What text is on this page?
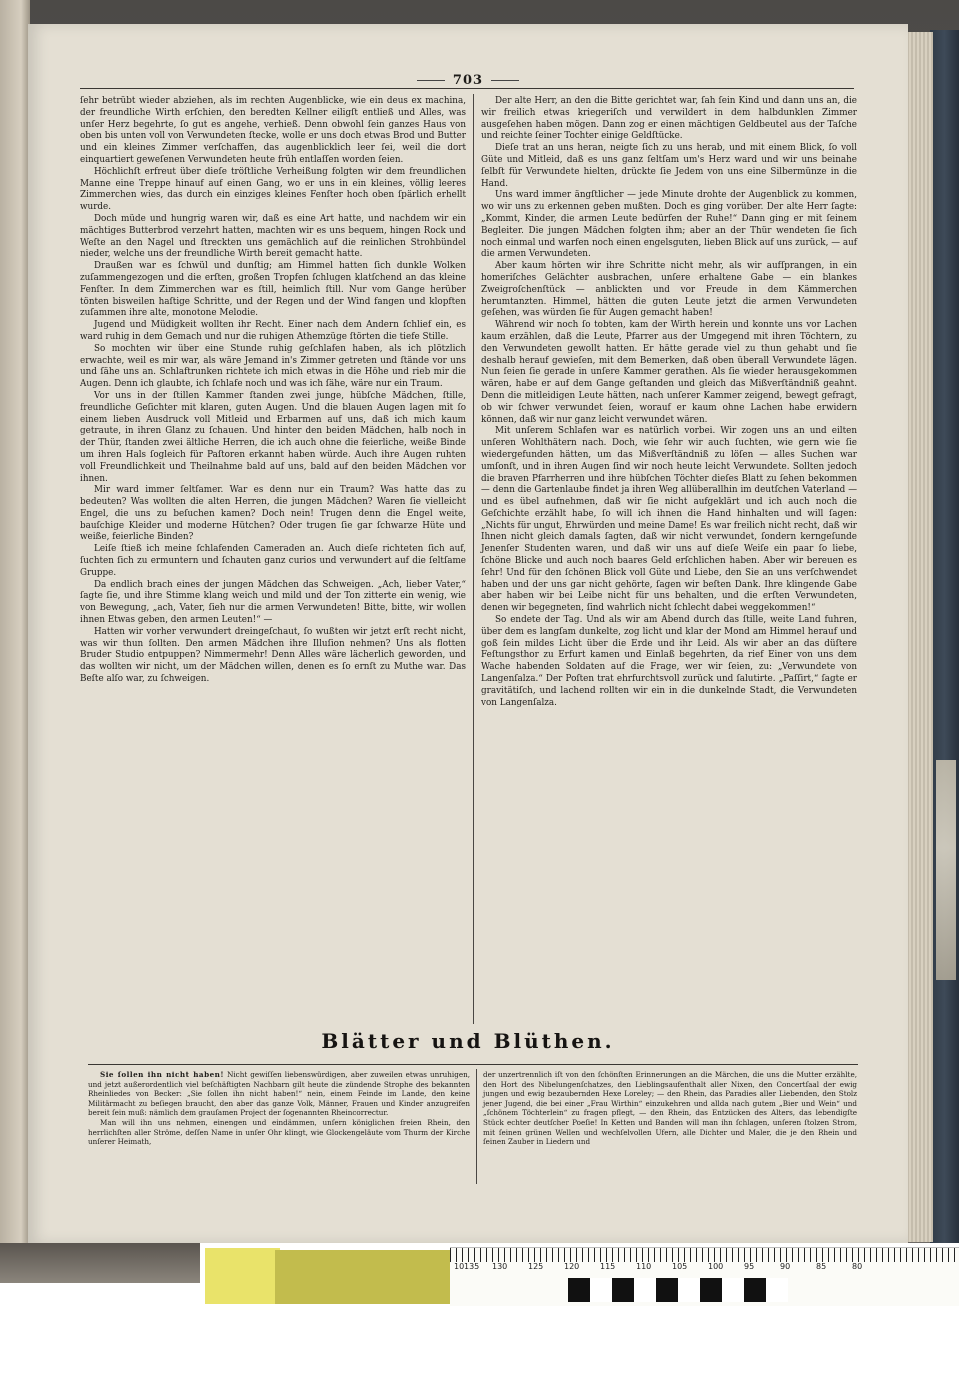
703

ſehr betrübt wieder abziehen, als im rechten Augenblicke, wie ein deus ex machina, der freundliche Wirth erſchien, den beredten Kellner eiligſt entließ und Alles, was unſer Herz begehrte, ſo gut es angehe, verhieß. Denn obwohl ſein ganzes Haus von oben bis unten voll von Verwundeten ſtecke, wolle er uns doch etwas Brod und Butter und ein kleines Zimmer verſchaffen, das augenblicklich leer ſei, weil die dort einquartiert geweſenen Verwundeten heute früh entlaſſen worden ſeien.

Höchlichſt erfreut über dieſe tröſtliche Verheißung folgten wir dem freundlichen Manne eine Treppe hinauf auf einen Gang, wo er uns in ein kleines, völlig leeres Zimmerchen wies, das durch ein einziges kleines Fenſter hoch oben ſpärlich erhellt wurde.

Doch müde und hungrig waren wir, daß es eine Art hatte, und nachdem wir ein mächtiges Butterbrod verzehrt hatten, machten wir es uns bequem, hingen Rock und Weſte an den Nagel und ſtreckten uns gemächlich auf die reinlichen Strohbündel nieder, welche uns der freundliche Wirth bereit gemacht hatte.

Draußen war es ſchwül und dunſtig; am Himmel hatten ſich dunkle Wolken zuſammengezogen und die erſten, großen Tropfen ſchlugen klatſchend an das kleine Fenſter. In dem Zimmerchen war es ſtill, heimlich ſtill. Nur vom Gange herüber tönten bisweilen haſtige Schritte, und der Regen und der Wind fangen und klopften zuſammen ihre alte, monotone Melodie.

Jugend und Müdigkeit wollten ihr Recht. Einer nach dem Andern ſchlief ein, es ward ruhig in dem Gemach und nur die ruhigen Athemzüge ſtörten die tiefe Stille.

So mochten wir über eine Stunde ruhig geſchlafen haben, als ich plötzlich erwachte, weil es mir war, als wäre Jemand in's Zimmer getreten und ſtände vor uns und ſähe uns an. Schlaftrunken richtete ich mich etwas in die Höhe und rieb mir die Augen. Denn ich glaubte, ich ſchlafe noch und was ich ſähe, wäre nur ein Traum.

Vor uns in der ſtillen Kammer ſtanden zwei junge, hübſche Mädchen, ſtille, freundliche Geſichter mit klaren, guten Augen. Und die blauen Augen lagen mit ſo einem lieben Ausdruck voll Mitleid und Erbarmen auf uns, daß ich mich kaum getraute, in ihren Glanz zu ſchauen. Und hinter den beiden Mädchen, halb noch in der Thür, ſtanden zwei ältliche Herren, die ich auch ohne die feierliche, weiße Binde um ihren Hals ſogleich für Paſtoren erkannt haben würde. Auch ihre Augen ruhten voll Freundlichkeit und Theilnahme bald auf uns, bald auf den beiden Mädchen vor ihnen.

Mir ward immer ſeltſamer. War es denn nur ein Traum? Was hatte das zu bedeuten? Was wollten die alten Herren, die jungen Mädchen? Waren ſie vielleicht Engel, die uns zu beſuchen kamen? Doch nein! Trugen denn die Engel weite, bauſchige Kleider und moderne Hütchen? Oder trugen ſie gar ſchwarze Hüte und weiße, feierliche Binden?

Leiſe ſtieß ich meine ſchlafenden Cameraden an. Auch dieſe richteten ſich auf, ſuchten ſich zu ermuntern und ſchauten ganz curios und verwundert auf die ſeltſame Gruppe.

Da endlich brach eines der jungen Mädchen das Schweigen. „Ach, lieber Vater,“ ſagte ſie, und ihre Stimme klang weich und mild und der Ton zitterte ein wenig, wie von Bewegung, „ach, Vater, ſieh nur die armen Verwundeten! Bitte, bitte, wir wollen ihnen Etwas geben, den armen Leuten!“ —

Hatten wir vorher verwundert dreingeſchaut, ſo wußten wir jetzt erſt recht nicht, was wir thun ſollten. Den armen Mädchen ihre Illuſion nehmen? Uns als flotten Bruder Studio entpuppen? Nimmermehr! Denn Alles wäre lächerlich geworden, und das wollten wir nicht, um der Mädchen willen, denen es ſo ernſt zu Muthe war. Das Beſte alſo war, zu ſchweigen.

Der alte Herr, an den die Bitte gerichtet war, ſah ſein Kind und dann uns an, die wir freilich etwas kriegeriſch und verwildert in dem halbdunklen Zimmer ausgeſehen haben mögen. Dann zog er einen mächtigen Geldbeutel aus der Taſche und reichte ſeiner Tochter einige Geldſtücke.

Dieſe trat an uns heran, neigte ſich zu uns herab, und mit einem Blick, ſo voll Güte und Mitleid, daß es uns ganz ſeltſam um's Herz ward und wir uns beinahe ſelbſt für Verwundete hielten, drückte ſie Jedem von uns eine Silbermünze in die Hand.

Uns ward immer ängſtlicher — jede Minute drohte der Augenblick zu kommen, wo wir uns zu erkennen geben mußten. Doch es ging vorüber. Der alte Herr ſagte: „Kommt, Kinder, die armen Leute bedürfen der Ruhe!“ Dann ging er mit ſeinem Begleiter. Die jungen Mädchen folgten ihm; aber an der Thür wendeten ſie ſich noch einmal und warfen noch einen engelsguten, lieben Blick auf uns zurück, — auf die armen Verwundeten.

Aber kaum hörten wir ihre Schritte nicht mehr, als wir aufſprangen, in ein homeriſches Gelächter ausbrachen, unſere erhaltene Gabe — ein blankes Zweigroſchenſtück — anblickten und vor Freude in dem Kämmerchen herumtanzten. Himmel, hätten die guten Leute jetzt die armen Verwundeten geſehen, was würden ſie für Augen gemacht haben!

Während wir noch ſo tobten, kam der Wirth herein und konnte uns vor Lachen kaum erzählen, daß die Leute, Pfarrer aus der Umgegend mit ihren Töchtern, zu den Verwundeten gewollt hatten. Er hätte gerade viel zu thun gehabt und ſie deshalb herauf gewieſen, mit dem Bemerken, daß oben überall Verwundete lägen. Nun ſeien ſie gerade in unſere Kammer gerathen. Als ſie wieder herausgekommen wären, habe er auf dem Gange geſtanden und gleich das Mißverſtändniß geahnt. Denn die mitleidigen Leute hätten, nach unſerer Kammer zeigend, bewegt gefragt, ob wir ſchwer verwundet ſeien, worauf er kaum ohne Lachen habe erwidern können, daß wir nur ganz leicht verwundet wären.

Mit unſerem Schlafen war es natürlich vorbei. Wir zogen uns an und eilten unſeren Wohlthätern nach. Doch, wie ſehr wir auch ſuchten, wie gern wie ſie wiedergefunden hätten, um das Mißverſtändniß zu löſen — alles Suchen war umſonſt, und in ihren Augen ſind wir noch heute leicht Verwundete. Sollten jedoch die braven Pfarrherren und ihre hübſchen Töchter dieſes Blatt zu ſehen bekommen — denn die Gartenlaube findet ja ihren Weg allüberallhin im deutſchen Vaterland — und es übel aufnehmen, daß wir ſie nicht aufgeklärt und ich auch noch die Geſchichte erzählt habe, ſo will ich ihnen die Hand hinhalten und will ſagen: „Nichts für ungut, Ehrwürden und meine Dame! Es war freilich nicht recht, daß wir Ihnen nicht gleich damals ſagten, daß wir nicht verwundet, ſondern kerngeſunde Jenenſer Studenten waren, und daß wir uns auf dieſe Weiſe ein paar ſo liebe, ſchöne Blicke und auch noch baares Geld erſchlichen haben. Aber wir bereuen es ſehr! Und für den ſchönen Blick voll Güte und Liebe, den Sie an uns verſchwendet haben und der uns gar nicht gehörte, ſagen wir beſten Dank. Ihre klingende Gabe aber haben wir bei Leibe nicht für uns behalten, und die erſten Verwundeten, denen wir begegneten, ſind wahrlich nicht ſchlecht dabei weggekommen!“

So endete der Tag. Und als wir am Abend durch das ſtille, weite Land fuhren, über dem es langſam dunkelte, zog licht und klar der Mond am Himmel herauf und goß ſein mildes Licht über die Erde und ihr Leid. Als wir aber an das düſtere Feſtungsthor zu Erfurt kamen und Einlaß begehrten, da rief Einer von uns dem Wache habenden Soldaten auf die Frage, wer wir ſeien, zu: „Verwundete von Langenſalza.“ Der Poſten trat ehrfurchtsvoll zurück und ſalutirte. „Paſſirt,“ ſagte er gravitätiſch, und lachend rollten wir ein in die dunkelnde Stadt, die Verwundeten von Langenſalza.

Blätter und Blüthen.

Sie ſollen ihn nicht haben! Nicht gewiſſen liebenswürdigen, aber zuweilen etwas unruhigen, und jetzt außerordentlich viel beſchäftigten Nachbarn gilt heute die zündende Strophe des bekannten Rheinliedes von Becker: „Sie ſollen ihn nicht haben!“ nein, einem Feinde im Lande, den keine Militärmacht zu beſiegen braucht, den aber das ganze Volk, Männer, Frauen und Kinder anzugreifen bereit ſein muß: nämlich dem grauſamen Project der ſogenannten Rheincorrectur.

Man will ihn uns nehmen, einengen und eindämmen, unſern königlichen freien Rhein, den herrlichſten aller Ströme, deſſen Name in unſer Ohr klingt, wie Glockengeläute vom Thurm der Kirche unſerer Heimath,

der unzertrennlich iſt von den ſchönſten Erinnerungen an die Märchen, die uns die Mutter erzählte, den Hort des Nibelungenſchatzes, den Lieblingsaufenthalt aller Nixen, den Concertſaal der ewig jungen und ewig bezaubernden Hexe Loreley; — den Rhein, das Paradies aller Liebenden, den Stolz jener Jugend, die bei einer „Frau Wirthin“ einzukehren und allda nach gutem „Bier und Wein“ und „ſchönem Töchterlein“ zu fragen pflegt, — den Rhein, das Entzücken des Alters, das lebendigſte Stück echter deutſcher Poeſie! In Ketten und Banden will man ihn ſchlagen, unſeren ſtolzen Strom, mit ſeinen grünen Wellen und wechſelvollen Ufern, alle Dichter und Maler, die je den Rhein und ſeinen Zauber in Liedern und

10 135 130	125	120	115	110	105	100	95	90	85	80
